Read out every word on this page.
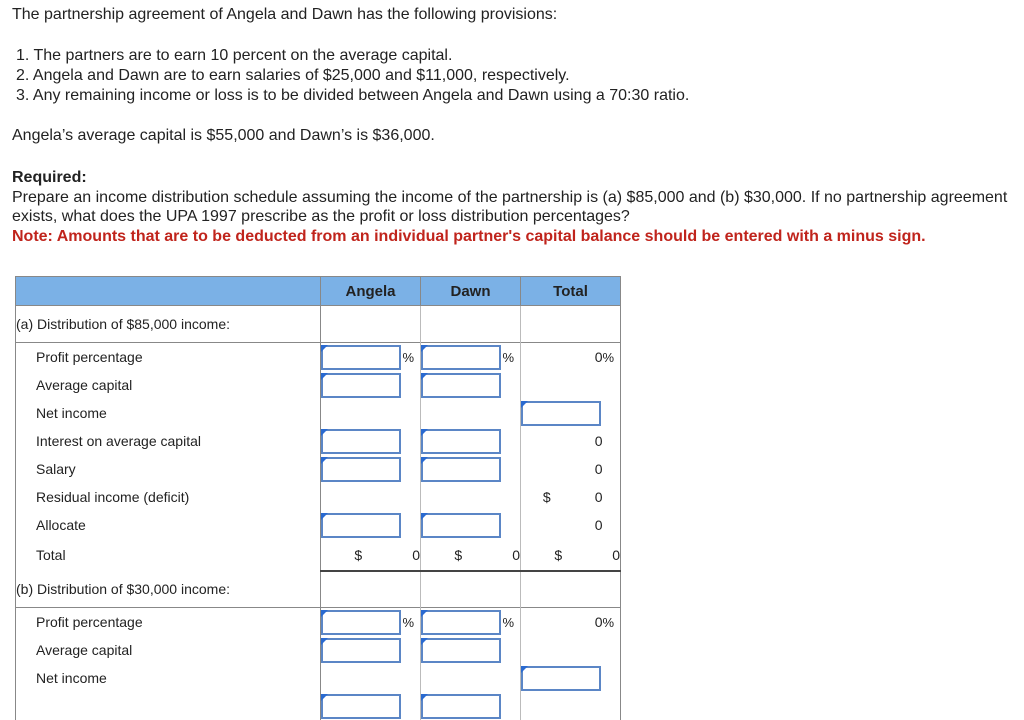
The partnership agreement of Angela and Dawn has the following provisions:
1. The partners are to earn 10 percent on the average capital.
2. Angela and Dawn are to earn salaries of $25,000 and $11,000, respectively.
3. Any remaining income or loss is to be divided between Angela and Dawn using a 70:30 ratio.
Angela’s average capital is $55,000 and Dawn’s is $36,000.
Required:
Prepare an income distribution schedule assuming the income of the partnership is (a) $85,000 and (b) $30,000. If no partnership agreement exists, what does the UPA 1997 prescribe as the profit or loss distribution percentages?
Note: Amounts that are to be deducted from an individual partner's capital balance should be entered with a minus sign.
	Angela		Dawn		Total	
(a) Distribution of $85,000 income:						
Profit percentage		%		%	0	%
Average capital						
Net income						
Interest on average capital					0	
Salary					0	
Residual income (deficit)					$ 0	
Allocate					0	
Total	$ 0		$ 0		$ 0	
(b) Distribution of $30,000 income:						
Profit percentage		%		%	0	%
Average capital						
Net income						
